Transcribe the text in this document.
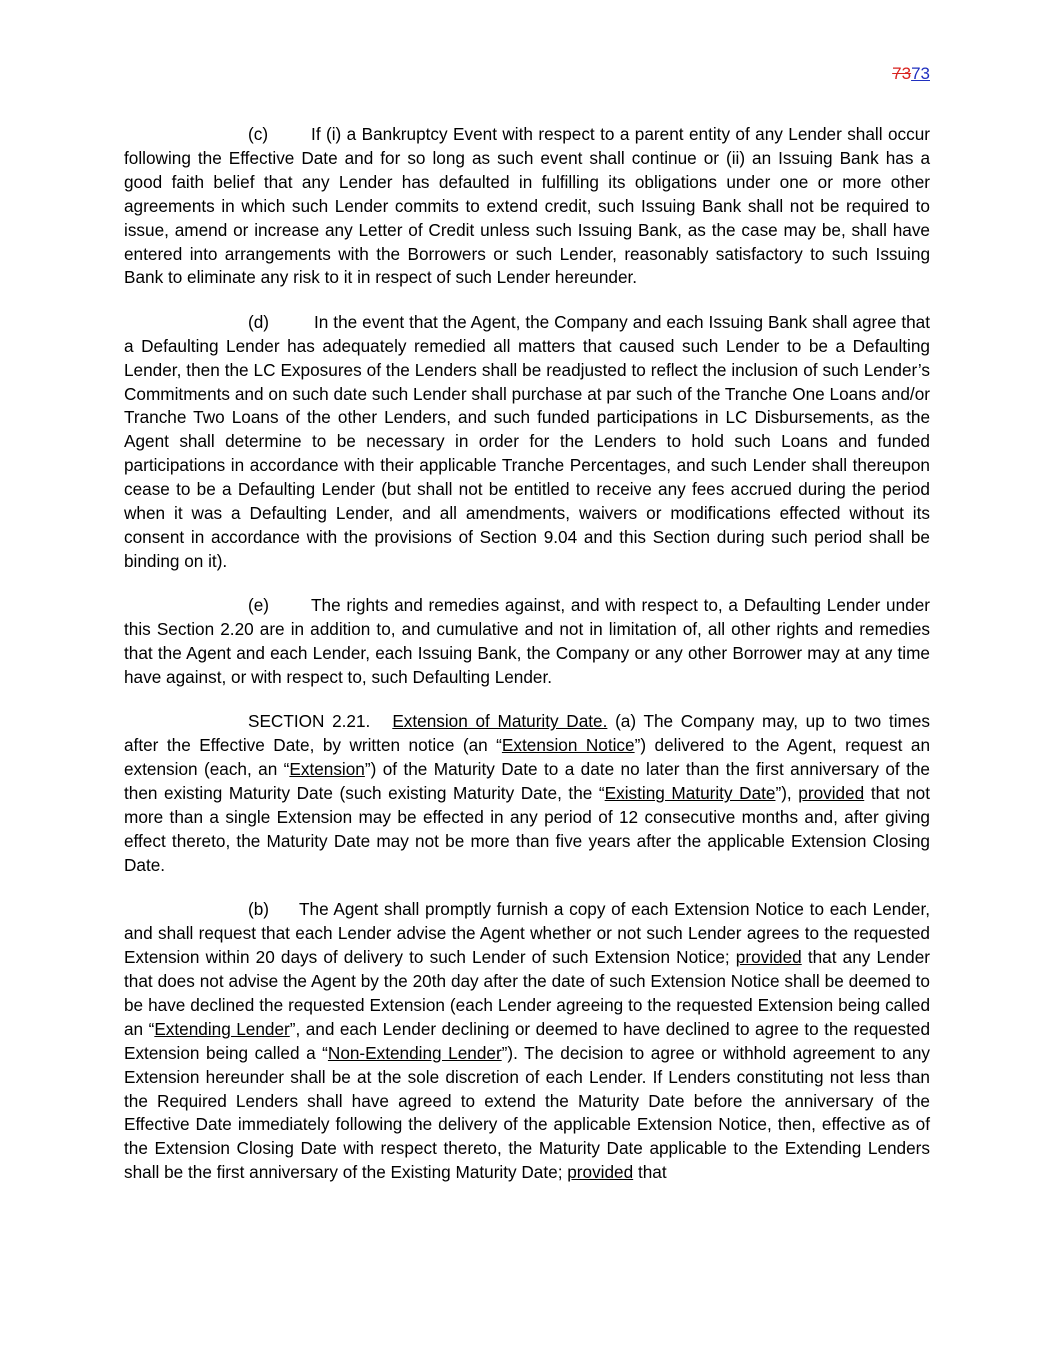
7373

(c)	If (i) a Bankruptcy Event with respect to a parent entity of any Lender shall occur following the Effective Date and for so long as such event shall continue or (ii) an Issuing Bank has a good faith belief that any Lender has defaulted in fulfilling its obligations under one or more other agreements in which such Lender commits to extend credit, such Issuing Bank shall not be required to issue, amend or increase any Letter of Credit unless such Issuing Bank, as the case may be, shall have entered into arrangements with the Borrowers or such Lender, reasonably satisfactory to such Issuing Bank to eliminate any risk to it in respect of such Lender hereunder.

(d)	In the event that the Agent, the Company and each Issuing Bank shall agree that a Defaulting Lender has adequately remedied all matters that caused such Lender to be a Defaulting Lender, then the LC Exposures of the Lenders shall be readjusted to reflect the inclusion of such Lender’s Commitments and on such date such Lender shall purchase at par such of the Tranche One Loans and/or Tranche Two Loans of the other Lenders, and such funded participations in LC Disbursements, as the Agent shall determine to be necessary in order for the Lenders to hold such Loans and funded participations in accordance with their applicable Tranche Percentages, and such Lender shall thereupon cease to be a Defaulting Lender (but shall not be entitled to receive any fees accrued during the period when it was a Defaulting Lender, and all amendments, waivers or modifications effected without its consent in accordance with the provisions of Section 9.04 and this Section during such period shall be binding on it).

(e) The rights and remedies against, and with respect to, a Defaulting Lender under this Section 2.20 are in addition to, and cumulative and not in limitation of, all other rights and remedies that the Agent and each Lender, each Issuing Bank, the Company or any other Borrower may at any time have against, or with respect to, such Defaulting Lender.

SECTION 2.21. Extension of Maturity Date. (a) The Company may, up to two times after the Effective Date, by written notice (an “Extension Notice”) delivered to the Agent, request an extension (each, an “Extension”) of the Maturity Date to a date no later than the first anniversary of the then existing Maturity Date (such existing Maturity Date, the “Existing Maturity Date”), provided that not more than a single Extension may be effected in any period of 12 consecutive months and, after giving effect thereto, the Maturity Date may not be more than five years after the applicable Extension Closing Date.

(b) The Agent shall promptly furnish a copy of each Extension Notice to each Lender, and shall request that each Lender advise the Agent whether or not such Lender agrees to the requested Extension within 20 days of delivery to such Lender of such Extension Notice; provided that any Lender that does not advise the Agent by the 20th day after the date of such Extension Notice shall be deemed to be have declined the requested Extension (each Lender agreeing to the requested Extension being called an “Extending Lender”, and each Lender declining or deemed to have declined to agree to the requested Extension being called a “Non-Extending Lender”). The decision to agree or withhold agreement to any Extension hereunder shall be at the sole discretion of each Lender. If Lenders constituting not less than the Required Lenders shall have agreed to extend the Maturity Date before the anniversary of the Effective Date immediately following the delivery of the applicable Extension Notice, then, effective as of the Extension Closing Date with respect thereto, the Maturity Date applicable to the Extending Lenders shall be the first anniversary of the Existing Maturity Date; provided that
